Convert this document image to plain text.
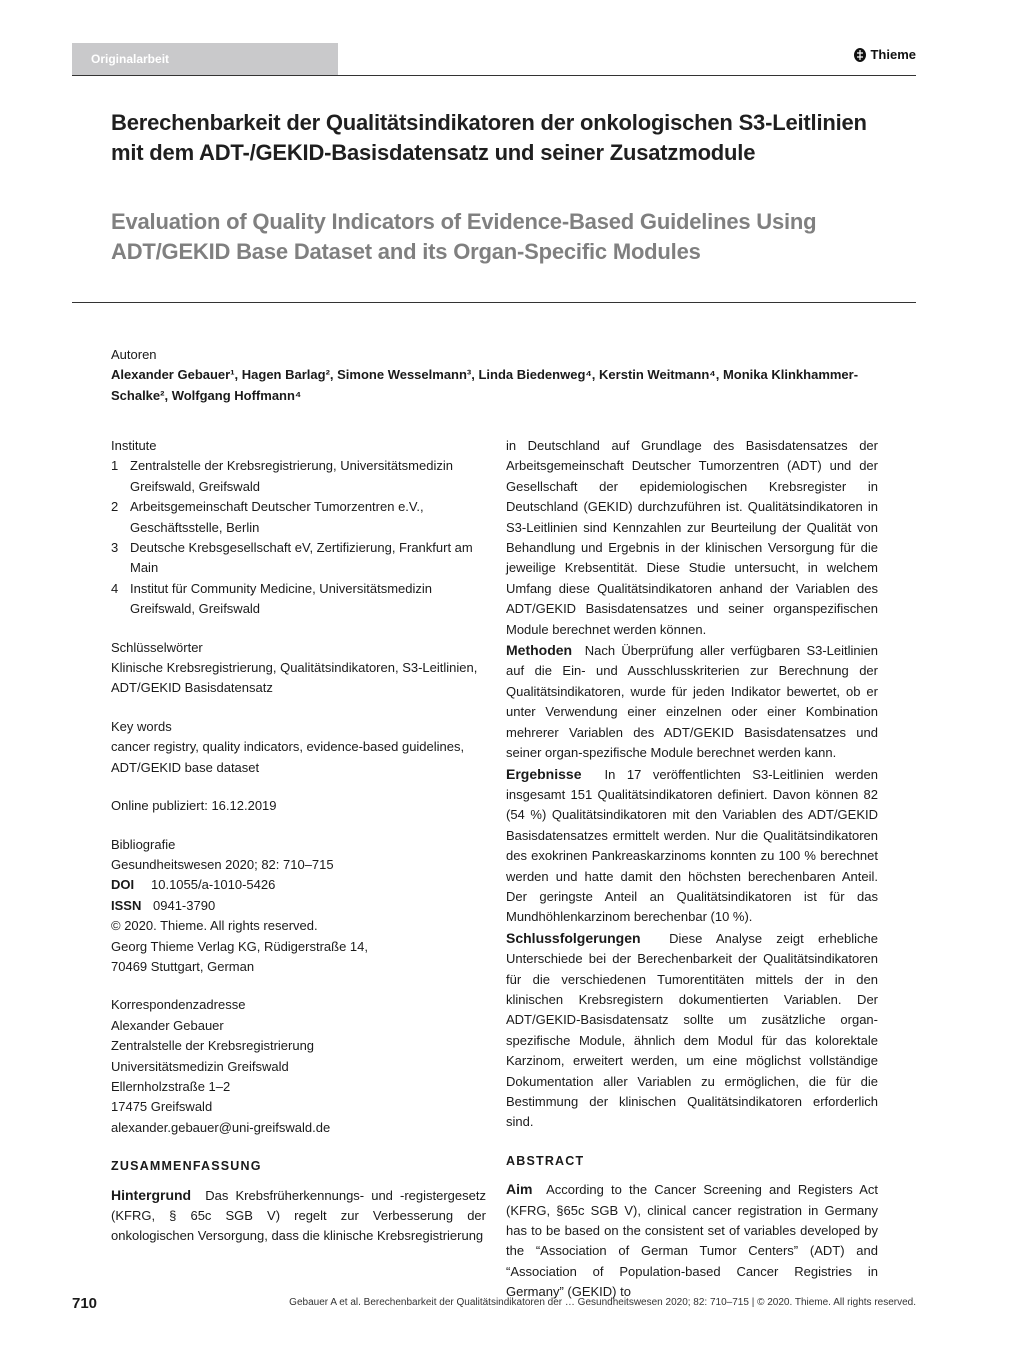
Originalarbeit	Thieme
Berechenbarkeit der Qualitätsindikatoren der onkologischen S3-Leitlinien mit dem ADT-/GEKID-Basisdatensatz und seiner Zusatzmodule
Evaluation of Quality Indicators of Evidence-Based Guidelines Using ADT/GEKID Base Dataset and its Organ-Specific Modules
Autoren
Alexander Gebauer¹, Hagen Barlag², Simone Wesselmann³, Linda Biedenweg⁴, Kerstin Weitmann⁴, Monika Klinkhammer-Schalke², Wolfgang Hoffmann⁴
Institute
1 Zentralstelle der Krebsregistrierung, Universitätsmedizin Greifswald, Greifswald
2 Arbeitsgemeinschaft Deutscher Tumorzentren e.V., Geschäftsstelle, Berlin
3 Deutsche Krebsgesellschaft eV, Zertifizierung, Frankfurt am Main
4 Institut für Community Medicine, Universitätsmedizin Greifswald, Greifswald
Schlüsselwörter
Klinische Krebsregistrierung, Qualitätsindikatoren, S3-Leitlinien, ADT/GEKID Basisdatensatz
Key words
cancer registry, quality indicators, evidence-based guidelines, ADT/GEKID base dataset
Online publiziert: 16.12.2019
Bibliografie
Gesundheitswesen 2020; 82: 710–715
DOI	10.1055/a-1010-5426
ISSN 0941-3790
© 2020. Thieme. All rights reserved.
Georg Thieme Verlag KG, Rüdigerstraße 14,
70469 Stuttgart, German
Korrespondenzadresse
Alexander Gebauer
Zentralstelle der Krebsregistrierung
Universitätsmedizin Greifswald
Ellernholzstraße 1–2
17475 Greifswald
alexander.gebauer@uni-greifswald.de
ZUSAMMENFASSUNG
Hintergrund Das Krebsfrüherkennungs- und -registergesetz (KFRG, § 65c SGB V) regelt zur Verbesserung der onkologischen Versorgung, dass die klinische Krebsregistrierung
in Deutschland auf Grundlage des Basisdatensatzes der Arbeitsgemeinschaft Deutscher Tumorzentren (ADT) und der Gesellschaft der epidemiologischen Krebsregister in Deutschland (GEKID) durchzuführen ist. Qualitätsindikatoren in S3-Leitlinien sind Kennzahlen zur Beurteilung der Qualität von Behandlung und Ergebnis in der klinischen Versorgung für die jeweilige Krebsentität. Diese Studie untersucht, in welchem Umfang diese Qualitätsindikatoren anhand der Variablen des ADT/GEKID Basisdatensatzes und seiner organspezifischen Module berechnet werden können.
Methoden Nach Überprüfung aller verfügbaren S3-Leitlinien auf die Ein- und Ausschlusskriterien zur Berechnung der Qualitätsindikatoren, wurde für jeden Indikator bewertet, ob er unter Verwendung einer einzelnen oder einer Kombination mehrerer Variablen des ADT/GEKID Basisdatensatzes und seiner organ-spezifische Module berechnet werden kann.
Ergebnisse In 17 veröffentlichten S3-Leitlinien werden insgesamt 151 Qualitätsindikatoren definiert. Davon können 82 (54 %) Qualitätsindikatoren mit den Variablen des ADT/GEKID Basisdatensatzes ermittelt werden. Nur die Qualitätsindikatoren des exokrinen Pankreaskarzinoms konnten zu 100 % berechnet werden und hatte damit den höchsten berechenbaren Anteil. Der geringste Anteil an Qualitätsindikatoren ist für das Mundhöhlenkarzinom berechenbar (10 %).
Schlussfolgerungen Diese Analyse zeigt erhebliche Unterschiede bei der Berechenbarkeit der Qualitätsindikatoren für die verschiedenen Tumorentitäten mittels der in den klinischen Krebsregistern dokumentierten Variablen. Der ADT/GEKID-Basisdatensatz sollte um zusätzliche organ-spezifische Module, ähnlich dem Modul für das kolorektale Karzinom, erweitert werden, um eine möglichst vollständige Dokumentation aller Variablen zu ermöglichen, die für die Bestimmung der klinischen Qualitätsindikatoren erforderlich sind.
ABSTRACT
Aim According to the Cancer Screening and Registers Act (KFRG, §65c SGB V), clinical cancer registration in Germany has to be based on the consistent set of variables developed by the “Association of German Tumor Centers” (ADT) and “Association of Population-based Cancer Registries in Germany” (GEKID) to
710	Gebauer A et al. Berechenbarkeit der Qualitätsindikatoren der … Gesundheitswesen 2020; 82: 710–715 | © 2020. Thieme. All rights reserved.
